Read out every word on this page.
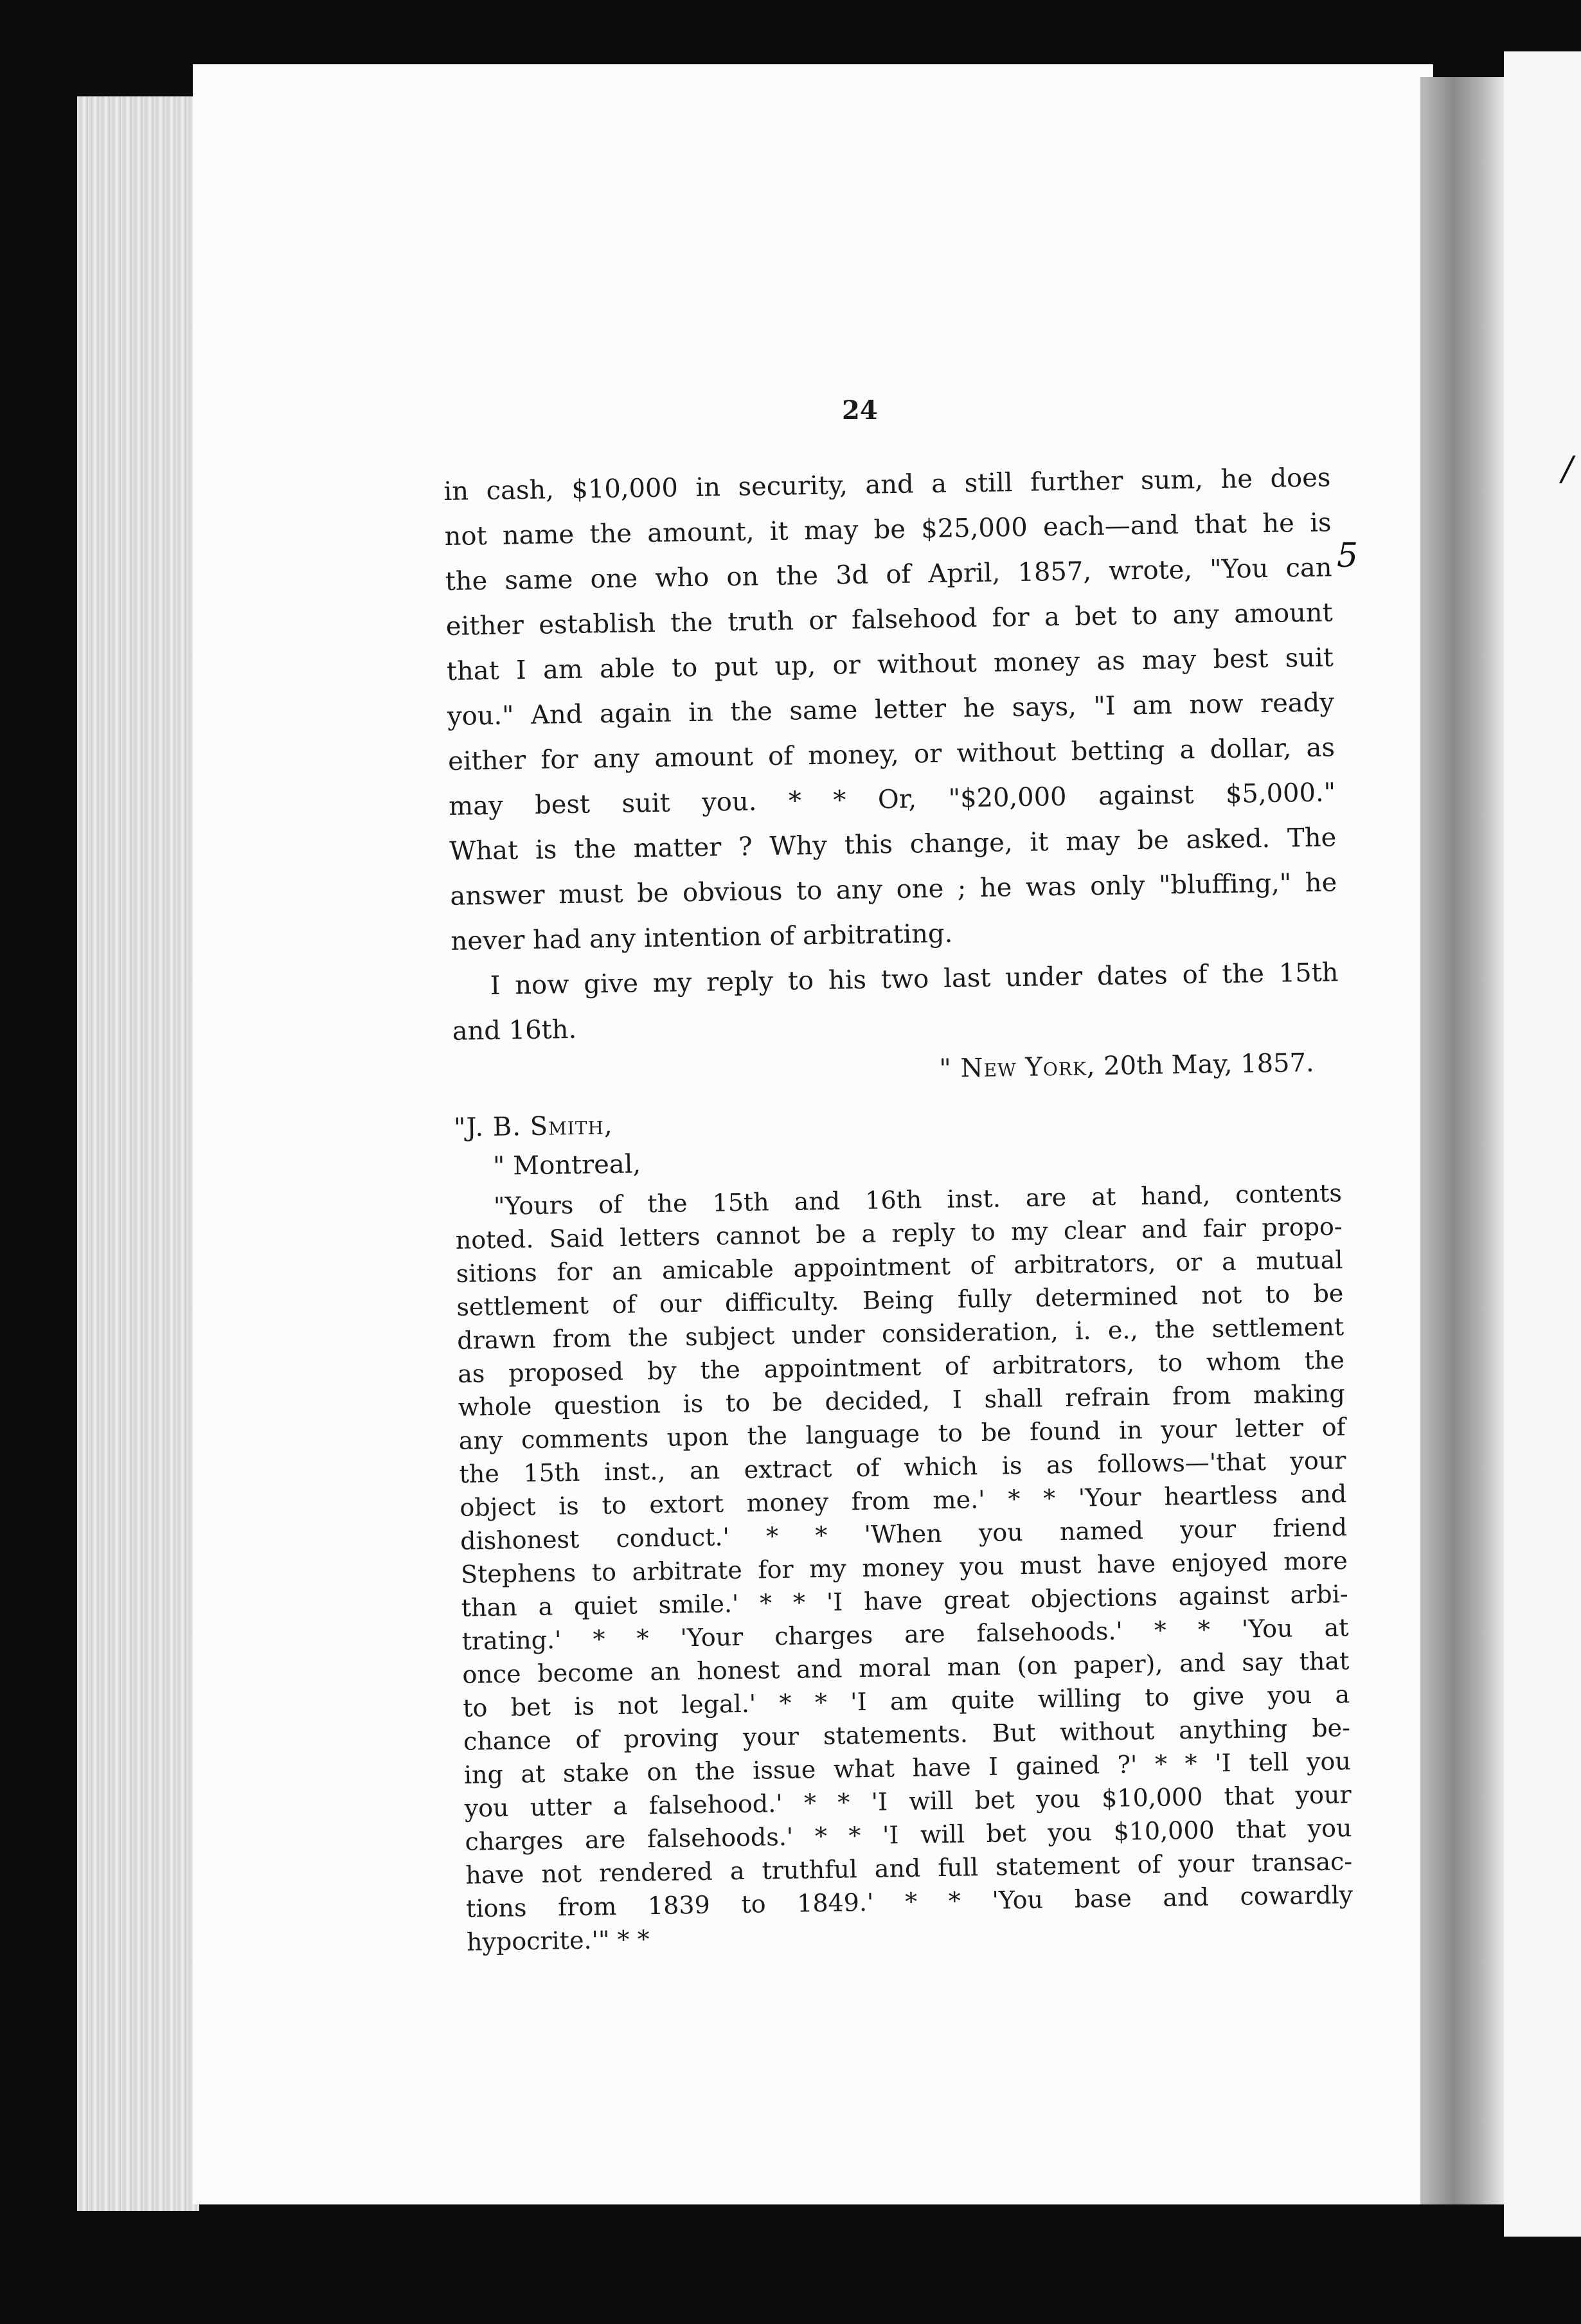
5
/
24
in cash, $10,000 in security, and a still further sum, he does
not name the amount, it may be $25,000 each—and that he is
the same one who on the 3d of April, 1857, wrote, "You can
either establish the truth or falsehood for a bet to any amount
that I am able to put up, or without money as may best suit
you." And again in the same letter he says, "I am now ready
either for any amount of money, or without betting a dollar, as
may best suit you. * * Or, "$20,000 against $5,000."
What is the matter ? Why this change, it may be asked. The
answer must be obvious to any one ; he was only "bluffing," he
never had any intention of arbitrating.
I now give my reply to his two last under dates of the 15th
and 16th.
" New York, 20th May, 1857.
"J. B. Smith,
" Montreal,
"Yours of the 15th and 16th inst. are at hand, contents
noted. Said letters cannot be a reply to my clear and fair propo-
sitions for an amicable appointment of arbitrators, or a mutual
settlement of our difficulty. Being fully determined not to be
drawn from the subject under consideration, i. e., the settlement
as proposed by the appointment of arbitrators, to whom the
whole question is to be decided, I shall refrain from making
any comments upon the language to be found in your letter of
the 15th inst., an extract of which is as follows—'that your
object is to extort money from me.' * * 'Your heartless and
dishonest conduct.' * * 'When you named your friend
Stephens to arbitrate for my money you must have enjoyed more
than a quiet smile.' * * 'I have great objections against arbi-
trating.' * * 'Your charges are falsehoods.' * * 'You at
once become an honest and moral man (on paper), and say that
to bet is not legal.' * * 'I am quite willing to give you a
chance of proving your statements. But without anything be-
ing at stake on the issue what have I gained ?' * * 'I tell you
you utter a falsehood.' * * 'I will bet you $10,000 that your
charges are falsehoods.' * * 'I will bet you $10,000 that you
have not rendered a truthful and full statement of your transac-
tions from 1839 to 1849.' * * 'You base and cowardly
hypocrite.'" * *
